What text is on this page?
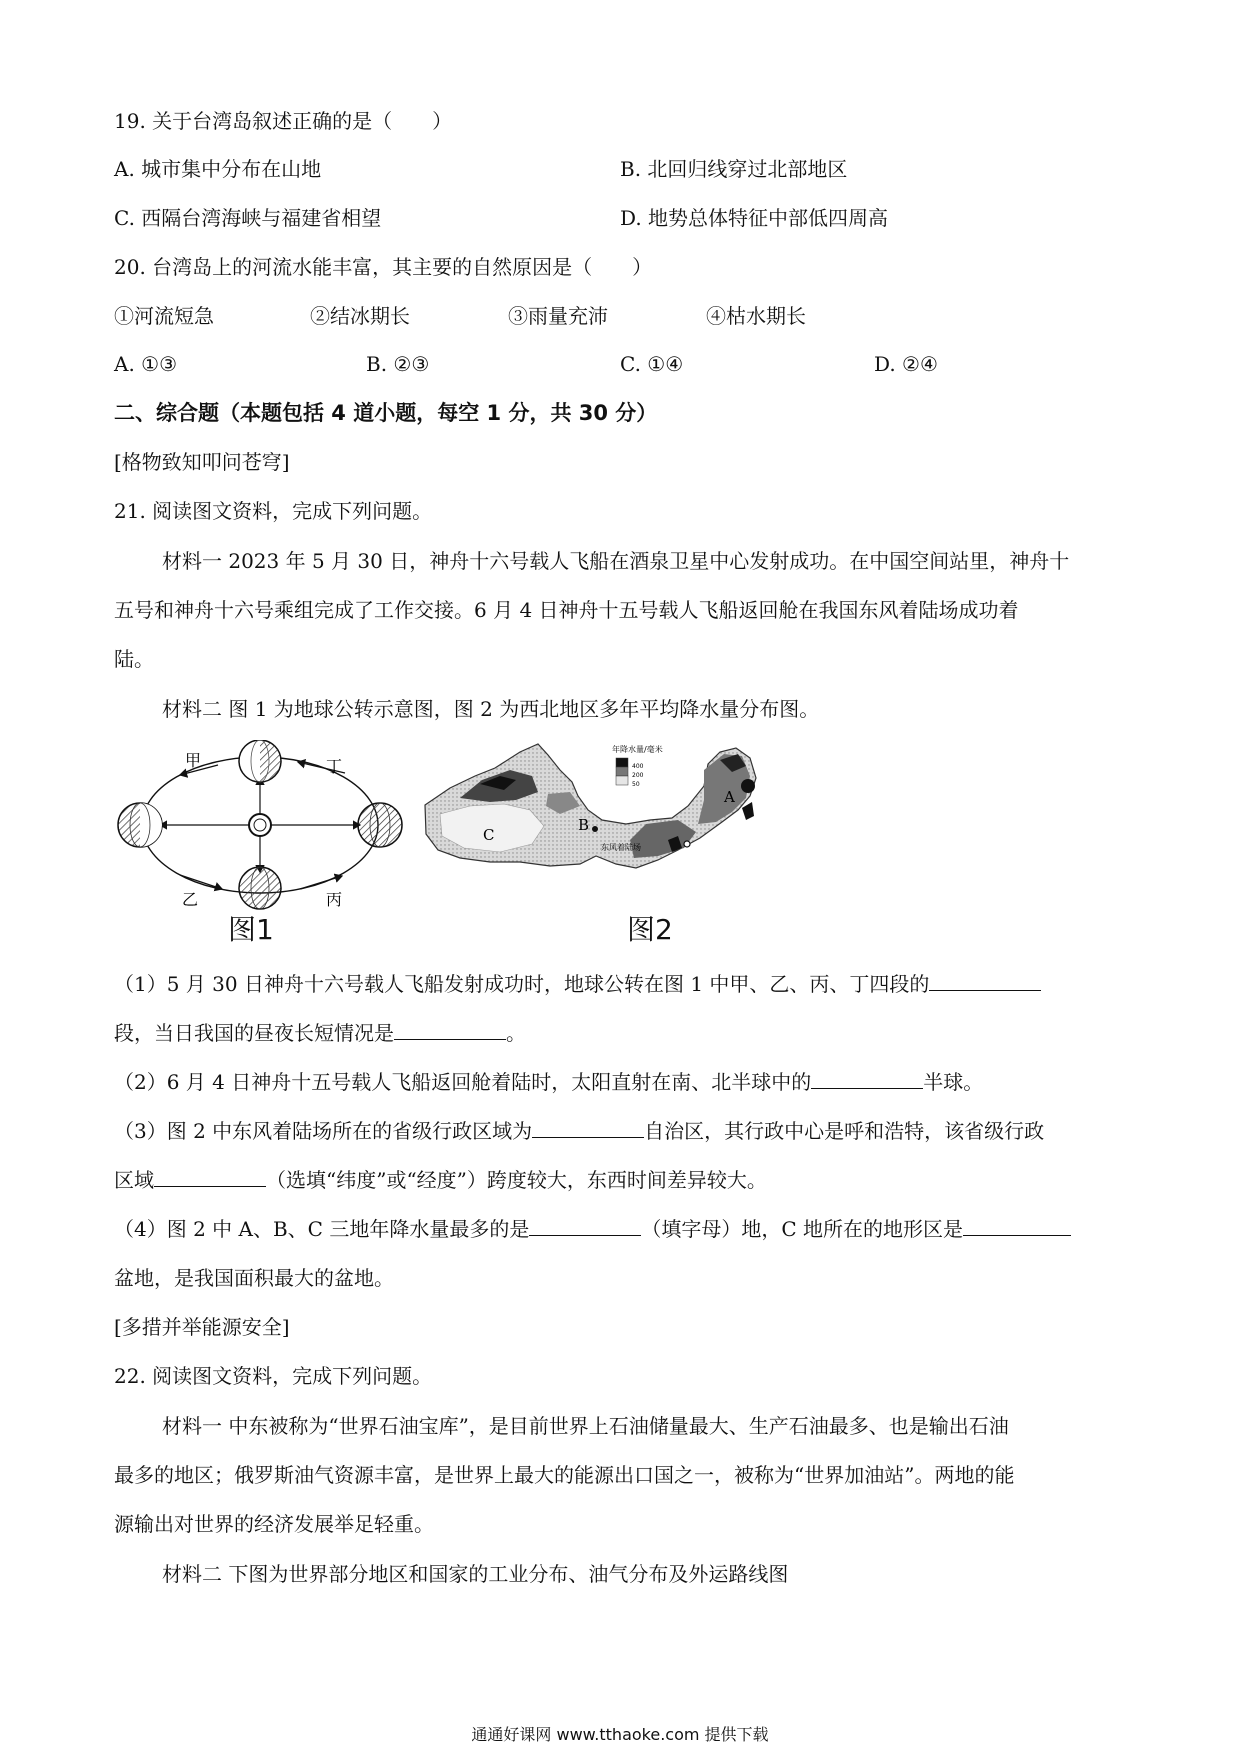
19. 关于台湾岛叙述正确的是（　　）
A. 城市集中分布在山地	B. 北回归线穿过北部地区
C. 西隔台湾海峡与福建省相望	D. 地势总体特征中部低四周高
20. 台湾岛上的河流水能丰富，其主要的自然原因是（　　）
①河流短急	②结冰期长	③雨量充沛	④枯水期长
A. ①③	B. ②③	C. ①④	D. ②④
二、综合题（本题包括 4 道小题，每空 1 分，共 30 分）
[格物致知叩问苍穹]
21. 阅读图文资料，完成下列问题。
材料一 2023 年 5 月 30 日，神舟十六号载人飞船在酒泉卫星中心发射成功。在中国空间站里，神舟十
五号和神舟十六号乘组完成了工作交接。6 月 4 日神舟十五号载人飞船返回舱在我国东风着陆场成功着
陆。
材料二 图 1 为地球公转示意图，图 2 为西北地区多年平均降水量分布图。
甲
乙	丙
丁
年降水量/毫米
400
200
50
A
B
C
东风着陆场
图1	图2
（1）5 月 30 日神舟十六号载人飞船发射成功时，地球公转在图 1 中甲、乙、丙、丁四段的
段，当日我国的昼夜长短情况是	。
（2）6 月 4 日神舟十五号载人飞船返回舱着陆时，太阳直射在南、北半球中的	半球。
（3）图 2 中东风着陆场所在的省级行政区域为	自治区，其行政中心是呼和浩特，该省级行政
区域	（选填“纬度”或“经度”）跨度较大，东西时间差异较大。
（4）图 2 中 A、B、C 三地年降水量最多的是	（填字母）地，C 地所在的地形区是
盆地，是我国面积最大的盆地。
[多措并举能源安全]
22. 阅读图文资料，完成下列问题。
材料一 中东被称为“世界石油宝库”，是目前世界上石油储量最大、生产石油最多、也是输出石油
最多的地区；俄罗斯油气资源丰富，是世界上最大的能源出口国之一，被称为“世界加油站”。两地的能
源输出对世界的经济发展举足轻重。
材料二 下图为世界部分地区和国家的工业分布、油气分布及外运路线图
通通好课网 www.tthaoke.com 提供下载
